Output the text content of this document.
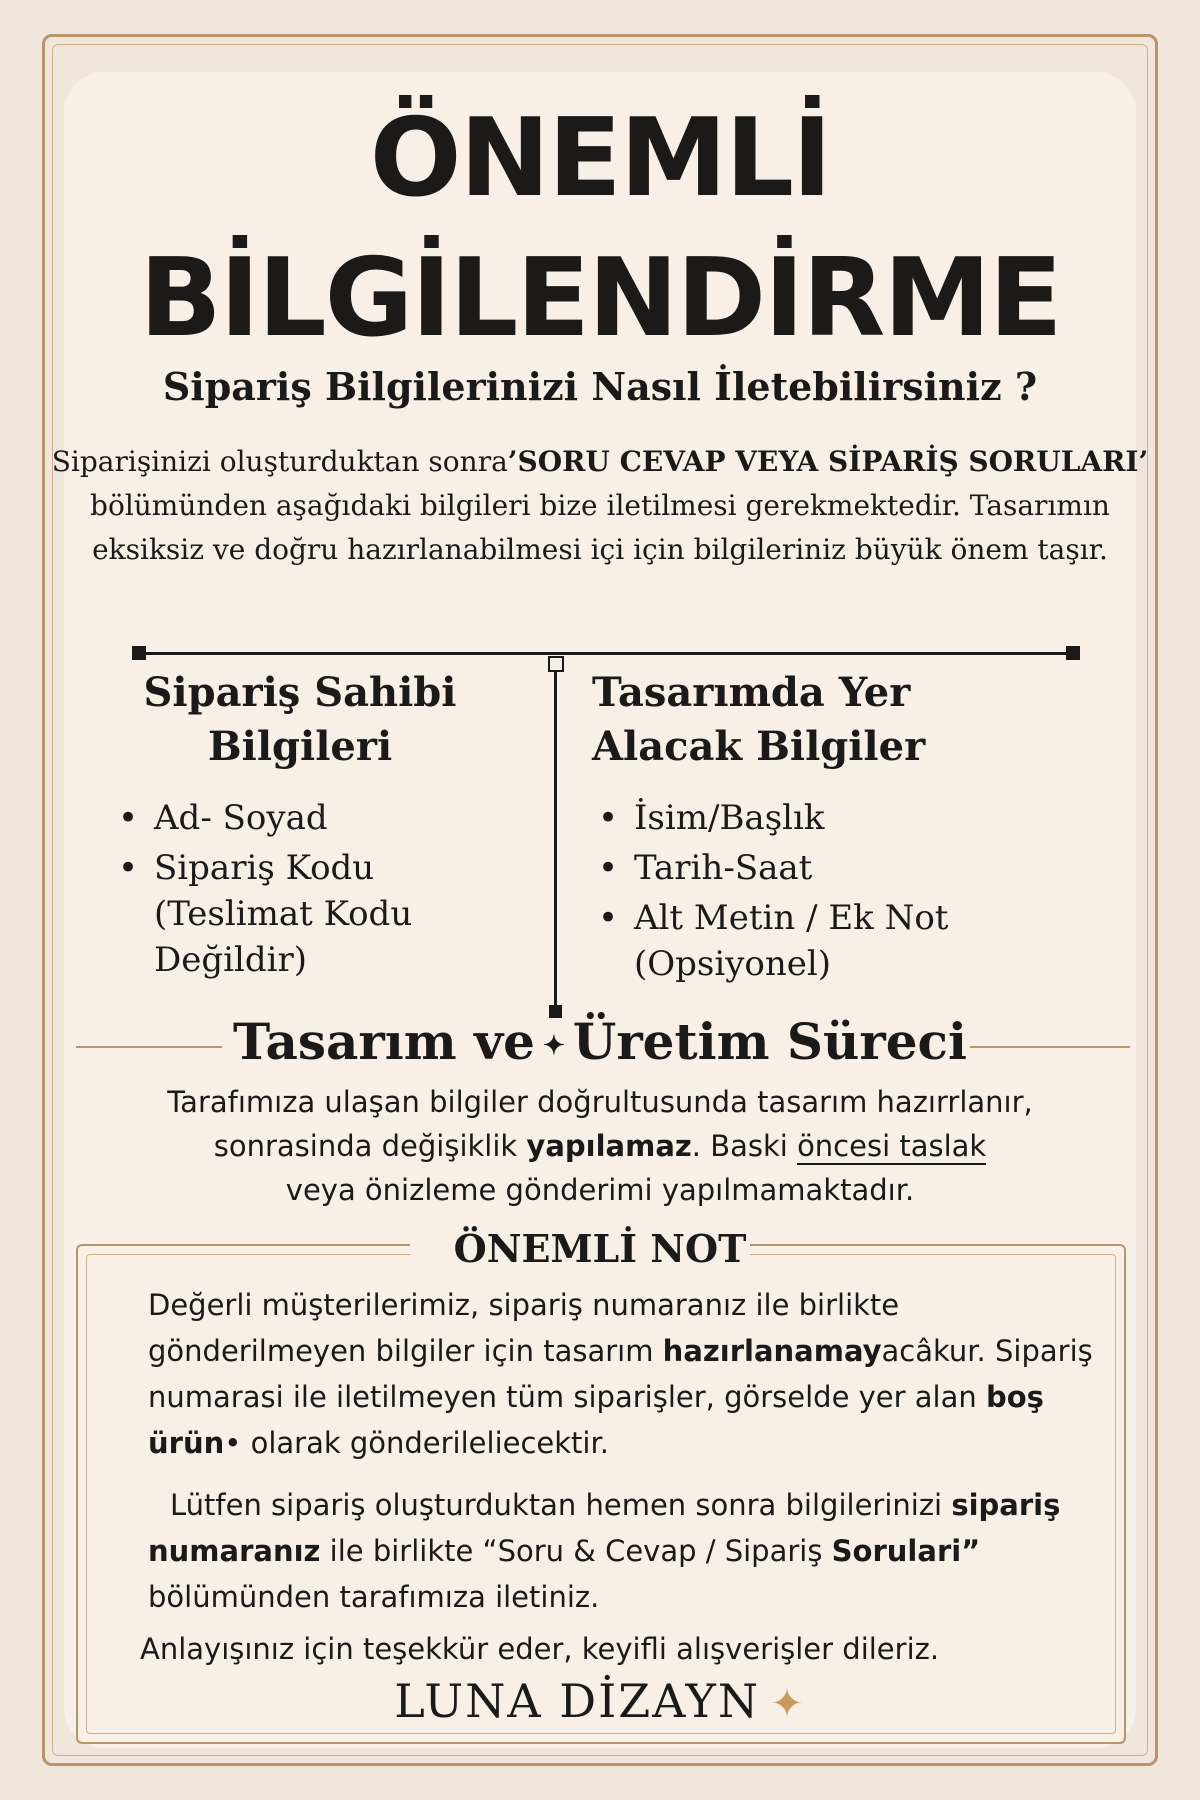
ÖNEMLİ
BİLGİLENDİRME
Sipariş Bilgilerinizi Nasıl İletebilirsiniz ?
Siparişinizi oluşturduktan sonra’SORU CEVAP VEYA SİPARİŞ SORULARI’ bölümünden aşağıdaki bilgileri bize iletilmesi gerekmektedir. Tasarımın eksiksiz ve doğru hazırlanabilmesi içi için bilgileriniz büyük önem taşır.
Sipariş Sahibi Bilgileri
Tasarımda Yer Alacak Bilgiler
• Ad- Soyad
• Sipariş Kodu (Teslimat Kodu Değildir)
• İsim/Başlık
• Tarih-Saat
• Alt Metin / Ek Not (Opsiyonel)
Tasarım ve ✦ Üretim Süreci
Tarafımıza ulaşan bilgiler doğrultusunda tasarım hazırrlanır,
sonrasinda değişiklik yapılamaz. Baski öncesi taslak
veya önizleme gönderimi yapılmamaktadır.
ÖNEMLİ NOT
Değerli müşterilerimiz, sipariş numaranız ile birlikte gönderilmeyen bilgiler için tasarım hazırlanamayacâkur. Sipariş numarasi ile iletilmeyen tüm siparişler, görselde yer alan boş ürün• olarak gönderileliecektir.
Lütfen sipariş oluşturduktan hemen sonra bilgilerinizi sipariş numaranız ile birlikte “Soru & Cevap / Sipariş Sorulari” bölümünden tarafımıza iletiniz.
Anlayışınız için teşekkür eder, keyifli alışverişler dileriz.
LUNA DİZAYN ✦
